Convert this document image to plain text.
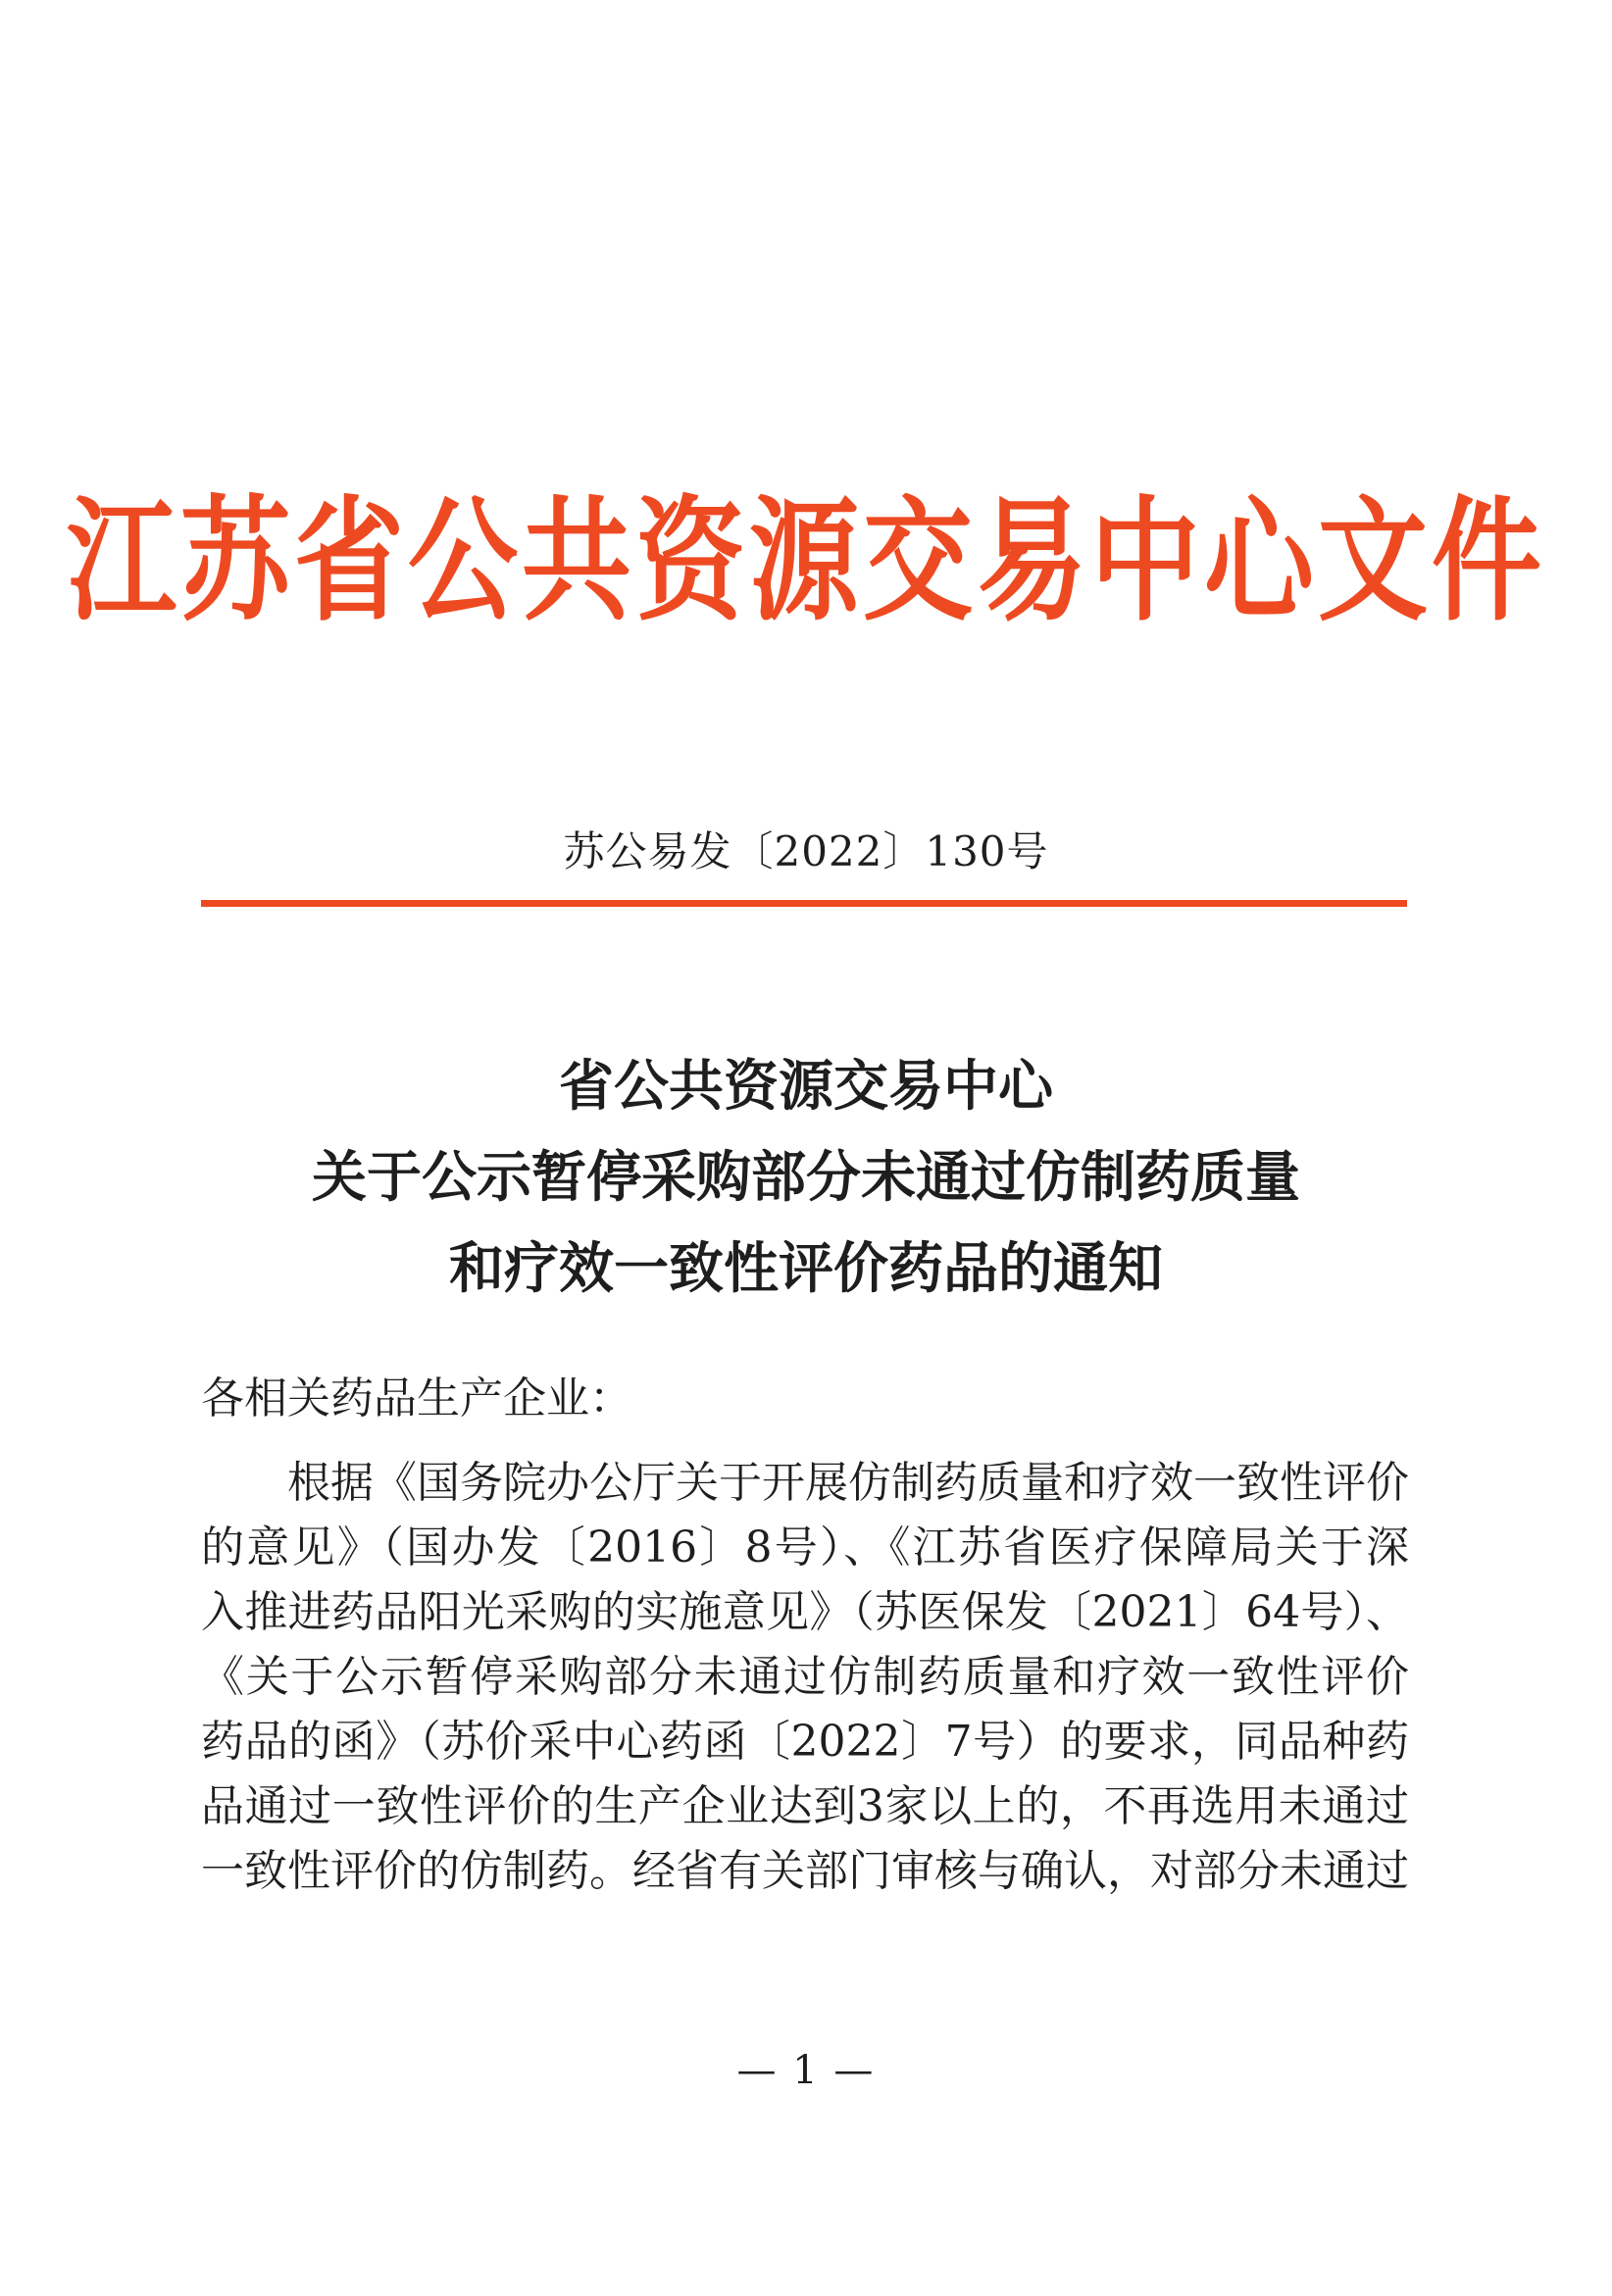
江苏省公共资源交易中心文件
苏公易发〔2022〕130号
省公共资源交易中心
关于公示暂停采购部分未通过仿制药质量
和疗效一致性评价药品的通知
各相关药品生产企业：
根据《国务院办公厅关于开展仿制药质量和疗效一致性评价
的意见》（国办发〔2016〕8号）、《江苏省医疗保障局关于深
入推进药品阳光采购的实施意见》（苏医保发〔2021〕64号）、
《关于公示暂停采购部分未通过仿制药质量和疗效一致性评价
药品的函》（苏价采中心药函〔2022〕7号）的要求，同品种药
品通过一致性评价的生产企业达到3家以上的，不再选用未通过
一致性评价的仿制药。经省有关部门审核与确认，对部分未通过
— 1 —
